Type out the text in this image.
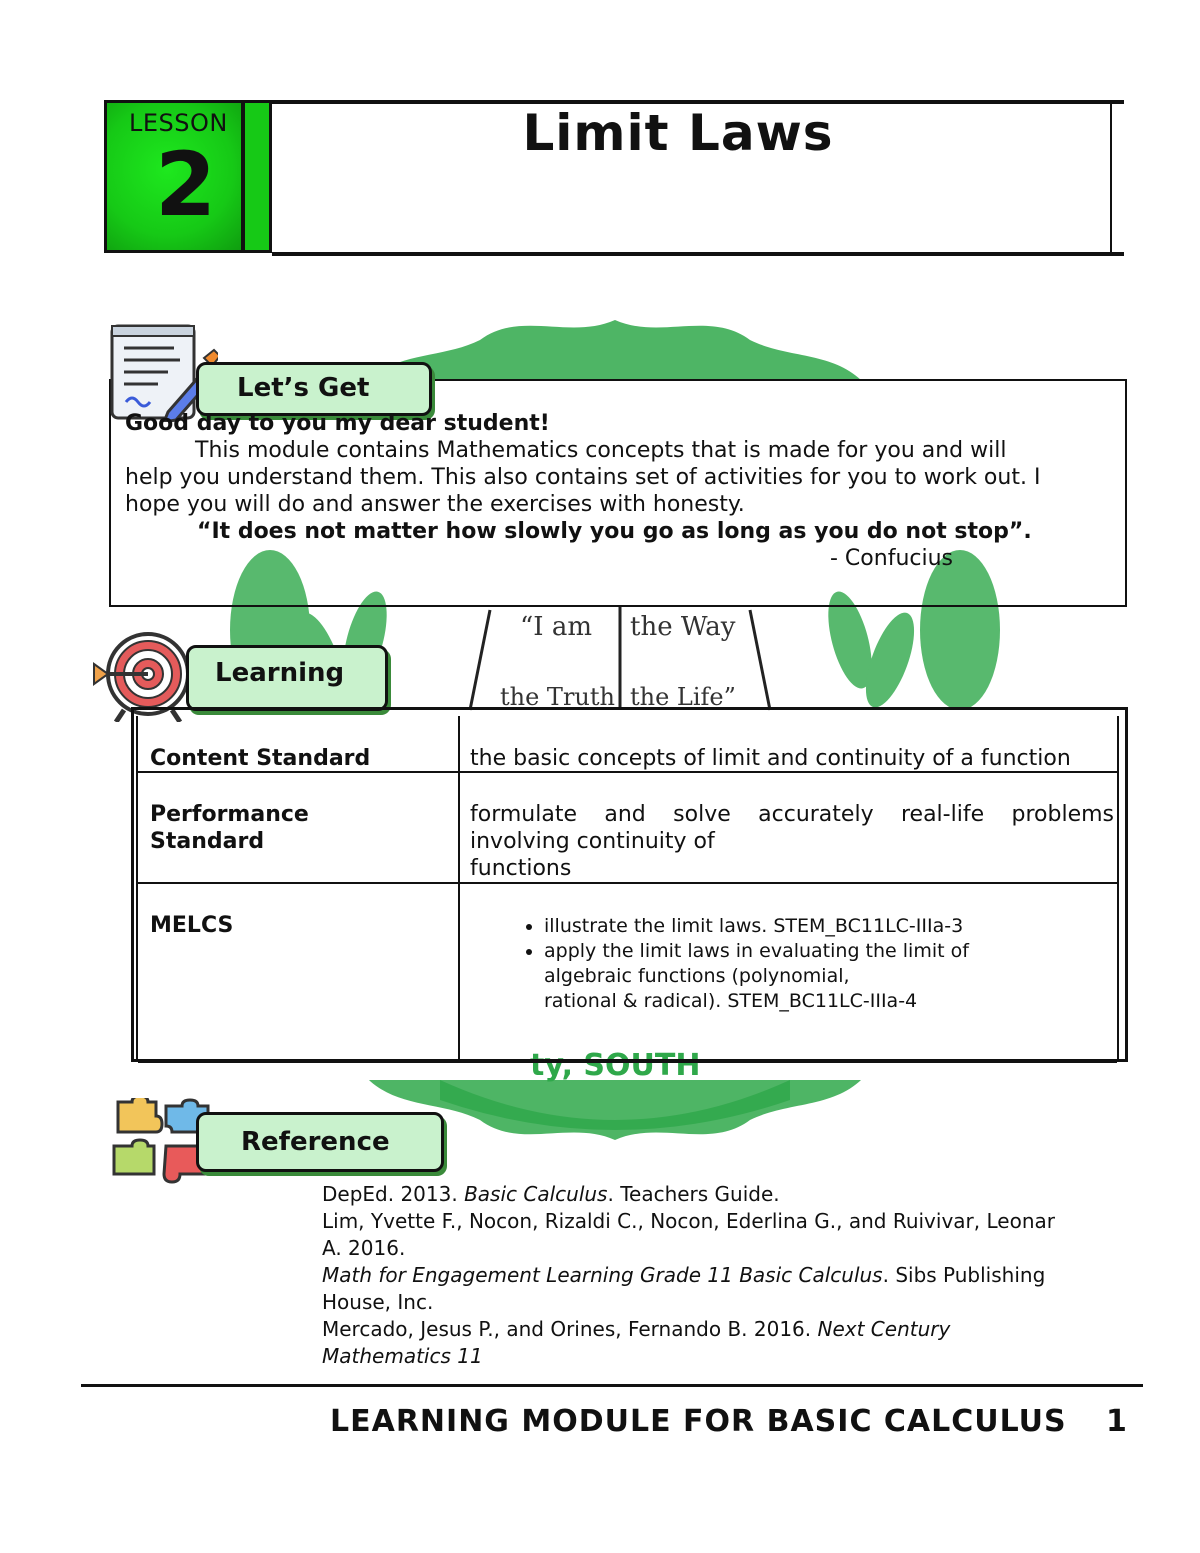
“I am the Way
the Truth the Life”
ty, SOUTH
LESSON
2	Limit Laws
Let’s Get
Good day to you my dear student!
This module contains Mathematics concepts that is made for you and will
help you understand them. This also contains set of activities for you to work out. I
hope you will do and answer the exercises with honesty.
“It does not matter how slowly you go as long as you do not stop”.
- Confucius
Learning
Content Standard	the basic concepts of limit and continuity of a function
Performance
Standard
formulate and solve accurately real-life problems
involving continuity of
functions
MELCS
•	illustrate the limit laws. STEM_BC11LC-IIIa-3
• apply the limit laws in evaluating the limit of
algebraic functions (polynomial,
rational & radical). STEM_BC11LC-IIIa-4
Reference
DepEd. 2013. Basic Calculus. Teachers Guide.
Lim, Yvette F., Nocon, Rizaldi C., Nocon, Ederlina G., and Ruivivar, Leonar
A. 2016.
Math for Engagement Learning Grade 11 Basic Calculus. Sibs Publishing
House, Inc.
Mercado, Jesus P., and Orines, Fernando B. 2016. Next Century
Mathematics 11
LEARNING MODULE FOR BASIC CALCULUS 1
